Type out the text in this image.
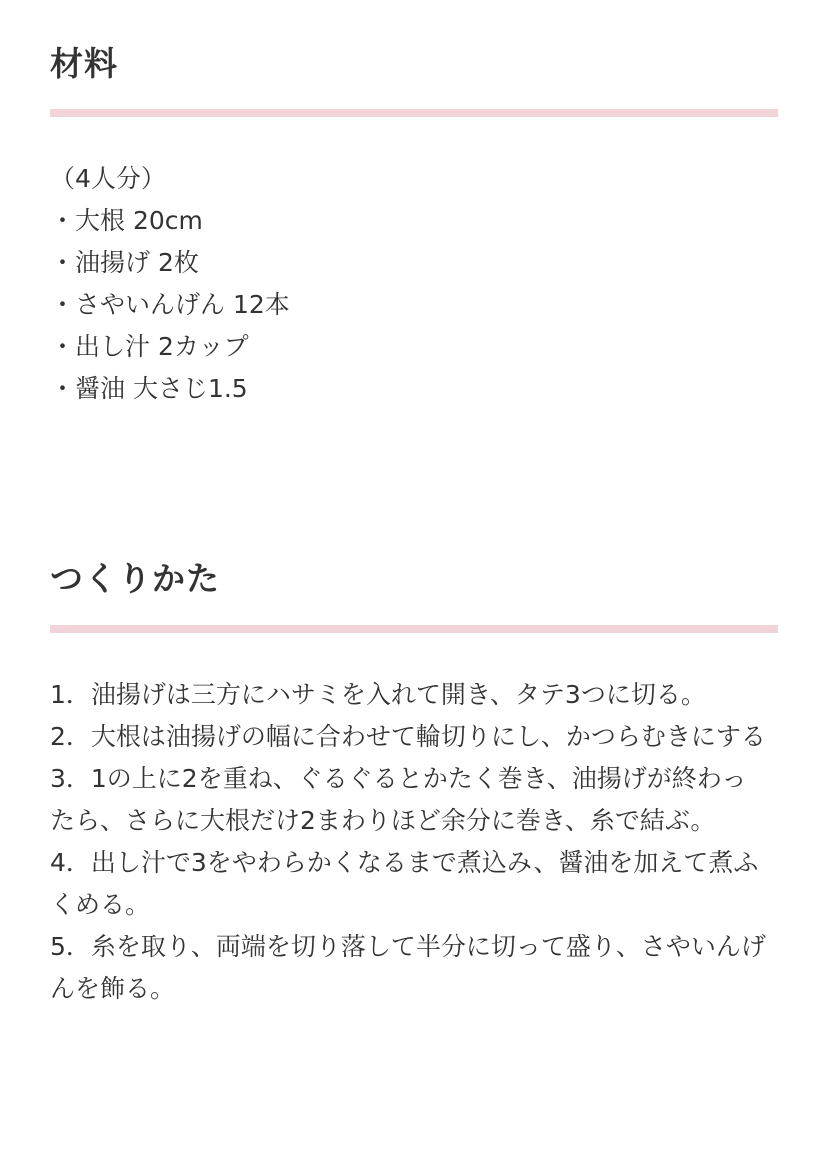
材料
（4人分）
・大根 20cm
・油揚げ 2枚
・さやいんげん 12本
・出し汁 2カップ
・醤油 大さじ1.5
つくりかた
1．油揚げは三方にハサミを入れて開き、タテ3つに切る。
2．大根は油揚げの幅に合わせて輪切りにし、かつらむきにする
3．1の上に2を重ね、ぐるぐるとかたく巻き、油揚げが終わったら、さらに大根だけ2まわりほど余分に巻き、糸で結ぶ。
4．出し汁で3をやわらかくなるまで煮込み、醤油を加えて煮ふくめる。
5．糸を取り、両端を切り落して半分に切って盛り、さやいんげんを飾る。
